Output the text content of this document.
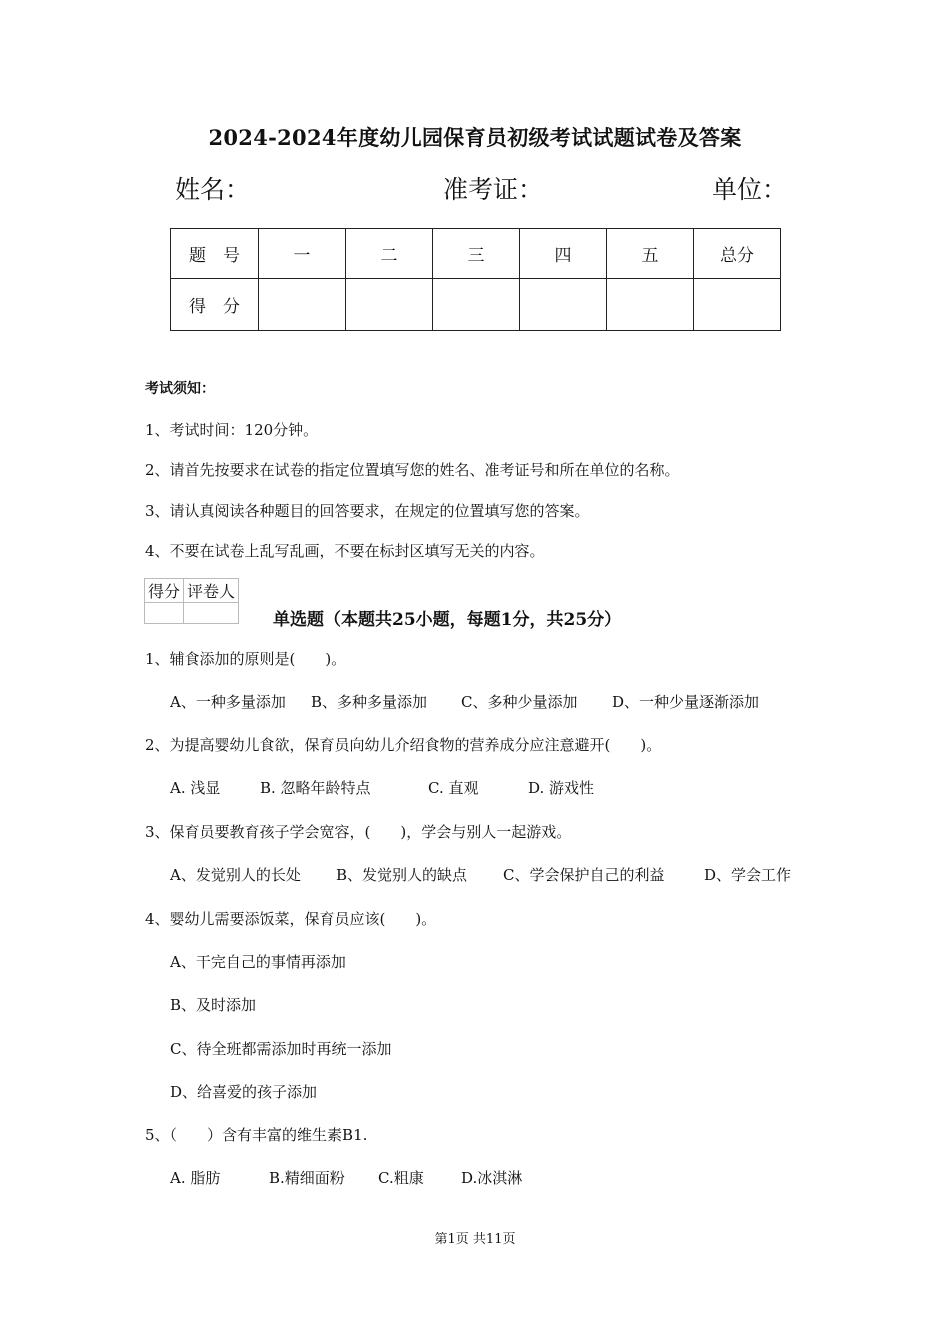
2024-2024年度幼儿园保育员初级考试试题试卷及答案
姓名：	准考证：	单位：
题　号	一	二	三	四	五	总分
得　分						
考试须知：
1、考试时间：120分钟。
2、请首先按要求在试卷的指定位置填写您的姓名、准考证号和所在单位的名称。
3、请认真阅读各种题目的回答要求，在规定的位置填写您的答案。
4、不要在试卷上乱写乱画，不要在标封区填写无关的内容。
得分	评卷人

单选题（本题共25小题，每题1分，共25分）
1、辅食添加的原则是(　　)。
A、一种多量添加 B、多种多量添加 C、多种少量添加 D、一种少量逐渐添加
2、为提高婴幼儿食欲，保育员向幼儿介绍食物的营养成分应注意避开(　　)。
A. 浅显	B. 忽略年龄特点	C. 直观	D. 游戏性
3、保育员要教育孩子学会宽容，(　　)，学会与别人一起游戏。
A、发觉别人的长处 B、发觉别人的缺点 C、学会保护自己的利益	D、学会工作
4、婴幼儿需要添饭菜，保育员应该(　　)。
A、干完自己的事情再添加
B、及时添加
C、待全班都需添加时再统一添加
D、给喜爱的孩子添加
5、（　　）含有丰富的维生素B1.
A. 脂肪	B.精细面粉 C.粗康 D.冰淇淋
第1页 共11页
